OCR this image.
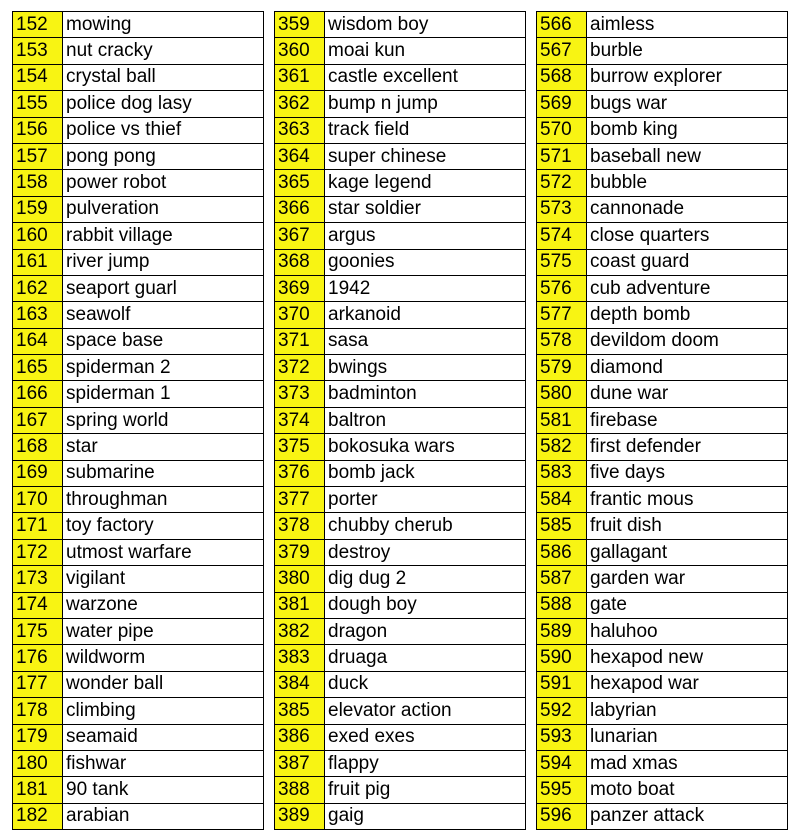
152	mowing
153	nut cracky
154	crystal ball
155	police dog lasy
156	police vs thief
157	pong pong
158	power robot
159	pulveration
160	rabbit village
161	river jump
162	seaport guarl
163	seawolf
164	space base
165	spiderman 2
166	spiderman 1
167	spring world
168	star
169	submarine
170	throughman
171	toy factory
172	utmost warfare
173	vigilant
174	warzone
175	water pipe
176	wildworm
177	wonder ball
178	climbing
179	seamaid
180	fishwar
181	90 tank
182	arabian
359	wisdom boy
360	moai kun
361	castle excellent
362	bump n jump
363	track field
364	super chinese
365	kage legend
366	star soldier
367	argus
368	goonies
369	1942
370	arkanoid
371	sasa
372	bwings
373	badminton
374	baltron
375	bokosuka wars
376	bomb jack
377	porter
378	chubby cherub
379	destroy
380	dig dug 2
381	dough boy
382	dragon
383	druaga
384	duck
385	elevator action
386	exed exes
387	flappy
388	fruit pig
389	gaig
566	aimless
567	burble
568	burrow explorer
569	bugs war
570	bomb king
571	baseball new
572	bubble
573	cannonade
574	close quarters
575	coast guard
576	cub adventure
577	depth bomb
578	devildom doom
579	diamond
580	dune war
581	firebase
582	first defender
583	five days
584	frantic mous
585	fruit dish
586	gallagant
587	garden war
588	gate
589	haluhoo
590	hexapod new
591	hexapod war
592	labyrian
593	lunarian
594	mad xmas
595	moto boat
596	panzer attack
